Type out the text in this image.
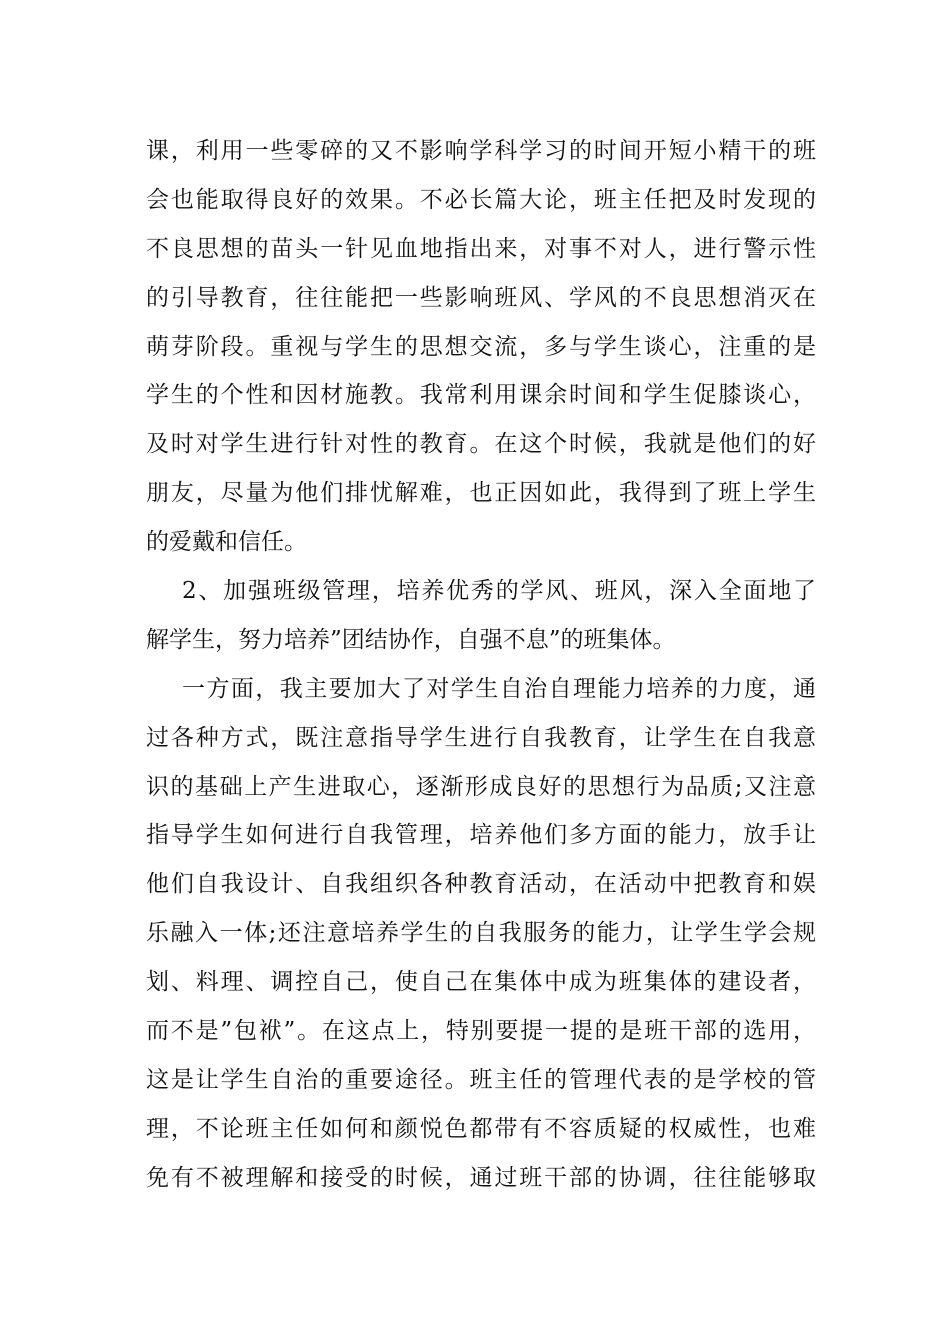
课，利用一些零碎的又不影响学科学习的时间开短小精干的班
会也能取得良好的效果。不必长篇大论，班主任把及时发现的
不良思想的苗头一针见血地指出来，对事不对人，进行警示性
的引导教育，往往能把一些影响班风、学风的不良思想消灭在
萌芽阶段。重视与学生的思想交流，多与学生谈心，注重的是
学生的个性和因材施教。我常利用课余时间和学生促膝谈心，
及时对学生进行针对性的教育。在这个时候，我就是他们的好
朋友，尽量为他们排忧解难，也正因如此，我得到了班上学生
的爱戴和信任。
2、加强班级管理，培养优秀的学风、班风，深入全面地了
解学生，努力培养”团结协作，自强不息”的班集体。
一方面，我主要加大了对学生自治自理能力培养的力度，通
过各种方式，既注意指导学生进行自我教育，让学生在自我意
识的基础上产生进取心，逐渐形成良好的思想行为品质;又注意
指导学生如何进行自我管理，培养他们多方面的能力，放手让
他们自我设计、自我组织各种教育活动，在活动中把教育和娱
乐融入一体;还注意培养学生的自我服务的能力，让学生学会规
划、料理、调控自己，使自己在集体中成为班集体的建设者，
而不是”包袱”。在这点上，特别要提一提的是班干部的选用，
这是让学生自治的重要途径。班主任的管理代表的是学校的管
理，不论班主任如何和颜悦色都带有不容质疑的权威性，也难
免有不被理解和接受的时候，通过班干部的协调，往往能够取
